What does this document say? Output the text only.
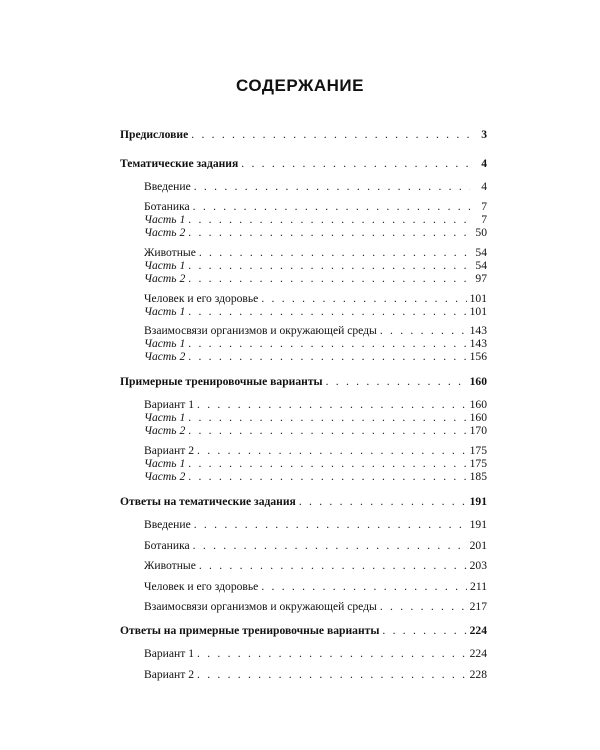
СОДЕРЖАНИЕ
Предисловие . . .	3
Тематические задания . . .	4
Введение . . .	4
Ботаника . . .	7
Часть 1 . . .	7
Часть 2 . . .	50
Животные . . .	54
Часть 1 . . .	54
Часть 2 . . .	97
Человек и его здоровье . . .	101
Часть 1 . . .	101
Взаимосвязи организмов и окружающей среды . . .	143
Часть 1 . . .	143
Часть 2 . . .	156
Примерные тренировочные варианты . . .	160
Вариант 1 . . .	160
Часть 1 . . .	160
Часть 2 . . .	170
Вариант 2 . . .	175
Часть 1 . . .	175
Часть 2 . . .	185
Ответы на тематические задания . . .	191
Введение . . .	191
Ботаника . . .	201
Животные . . .	203
Человек и его здоровье . . .	211
Взаимосвязи организмов и окружающей среды . . .	217
Ответы на примерные тренировочные варианты . . .	224
Вариант 1 . . .	224
Вариант 2 . . .	228
